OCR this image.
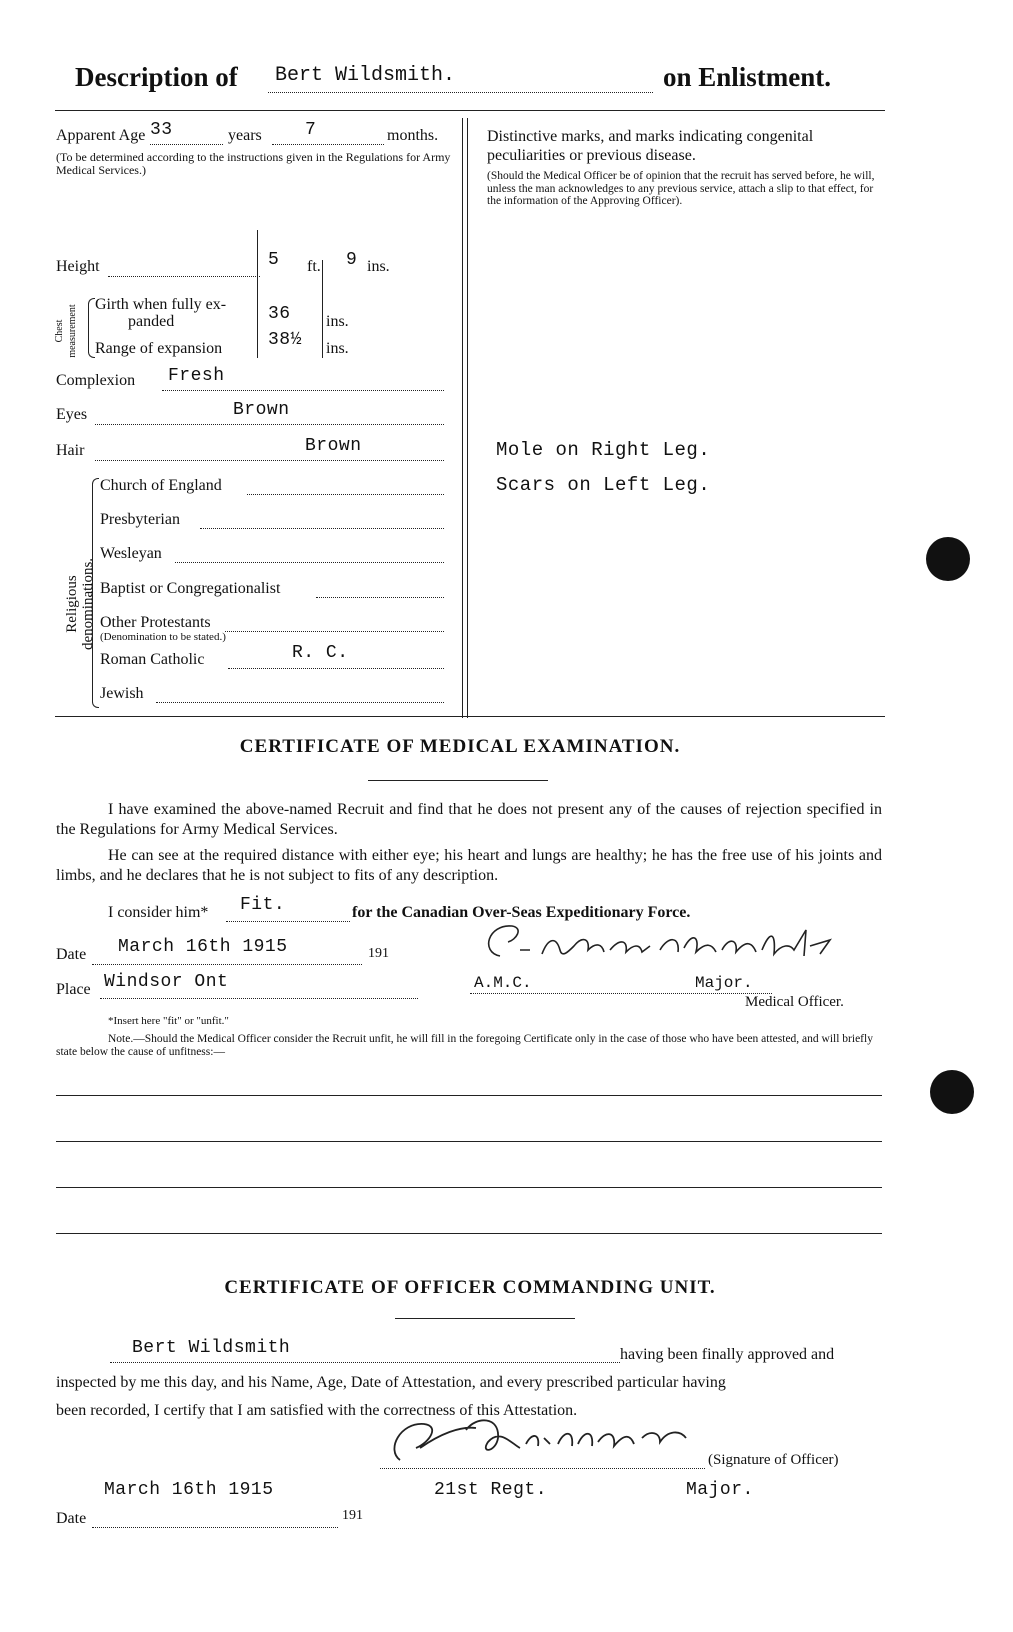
Description of Bert Wildsmith.	on Enlistment.
Apparent Age 33	years 7	months.
(To be determined according to the instructions given in the Regulations for Army Medical Services.)
Height	5 ft. 9 ins.
Chest measurement Girth when fully ex-
panded	36 ins.
Range of expansion	38½ ins.
Complexion Fresh
Eyes	Brown
Hair	Brown
Religious denominations.
Church of England
Presbyterian
Wesleyan
Baptist or Congregationalist
Other Protestants
(Denomination to be stated.)
Roman Catholic	R. C.
Jewish
Distinctive marks, and marks indicating congenital peculiarities or previous disease.
(Should the Medical Officer be of opinion that the recruit has served before, he will, unless the man acknowledges to any previous service, attach a slip to that effect, for the information of the Approving Officer).
Mole on Right Leg.
Scars on Left Leg.
CERTIFICATE OF MEDICAL EXAMINATION.
I have examined the above-named Recruit and find that he does not present any of the causes of rejection specified in the Regulations for Army Medical Services.
He can see at the required distance with either eye; his heart and lungs are healthy; he has the free use of his joints and limbs, and he declares that he is not subject to fits of any description.
I consider him* Fit.	for the Canadian Over-Seas Expeditionary Force.
Date March 16th 1915	191
Place Windsor Ont	A.M.C.	Major.
Medical Officer.
*Insert here "fit" or "unfit."
Note.—Should the Medical Officer consider the Recruit unfit, he will fill in the foregoing Certificate only in the case of those who have been attested, and will briefly state below the cause of unfitness:—
CERTIFICATE OF OFFICER COMMANDING UNIT.
Bert Wildsmith	having been finally approved and
inspected by me this day, and his Name, Age, Date of Attestation, and every prescribed particular having
been recorded, I certify that I am satisfied with the correctness of this Attestation.
(Signature of Officer)
March 16th 1915	21st Regt.	Major.
Date	191
